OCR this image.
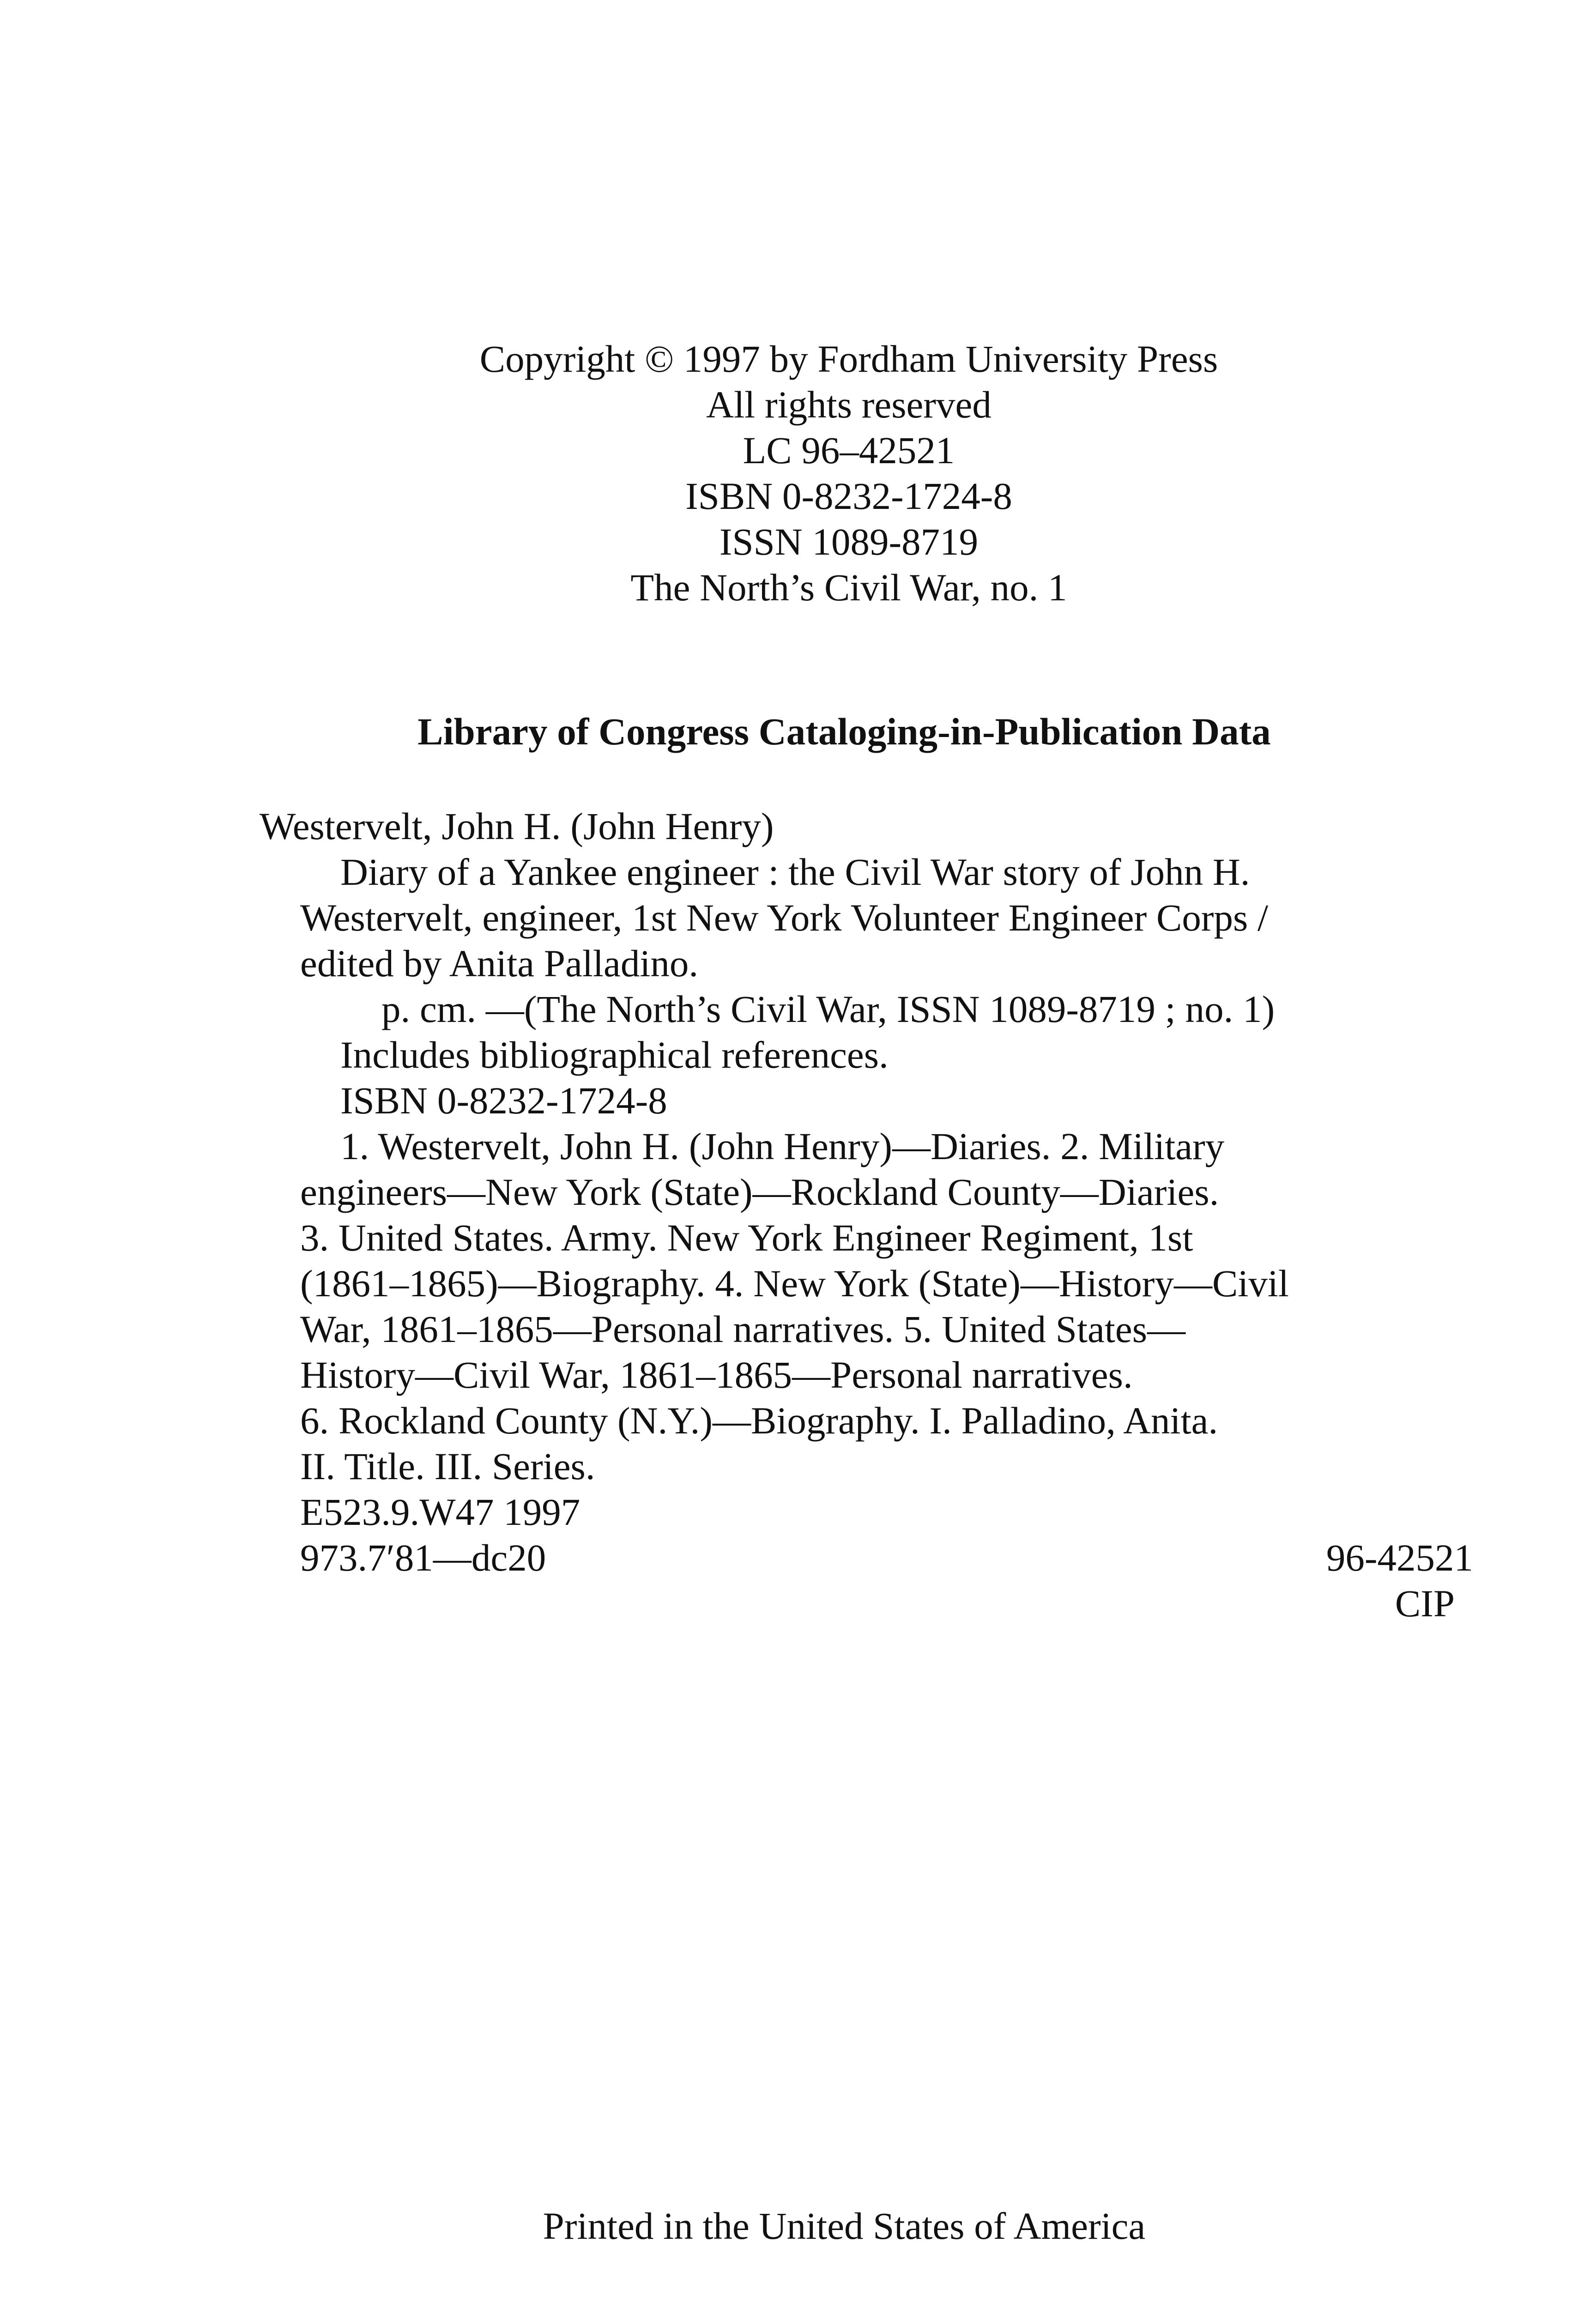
Copyright © 1997 by Fordham University Press
All rights reserved
LC 96–42521
ISBN 0-8232-1724-8
ISSN 1089-8719
The North’s Civil War, no. 1
Library of Congress Cataloging-in-Publication Data
Westervelt, John H. (John Henry)
Diary of a Yankee engineer : the Civil War story of John H.
Westervelt, engineer, 1st New York Volunteer Engineer Corps /
edited by Anita Palladino.
p. cm. —(The North’s Civil War, ISSN 1089-8719 ; no. 1)
Includes bibliographical references.
ISBN 0-8232-1724-8
1. Westervelt, John H. (John Henry)—Diaries. 2. Military
engineers—New York (State)—Rockland County—Diaries.
3. United States. Army. New York Engineer Regiment, 1st
(1861–1865)—Biography. 4. New York (State)—History—Civil
War, 1861–1865—Personal narratives. 5. United States—
History—Civil War, 1861–1865—Personal narratives.
6. Rockland County (N.Y.)—Biography. I. Palladino, Anita.
II. Title. III. Series.
E523.9.W47 1997
973.7′81—dc20	96-42521
CIP
Printed in the United States of America
